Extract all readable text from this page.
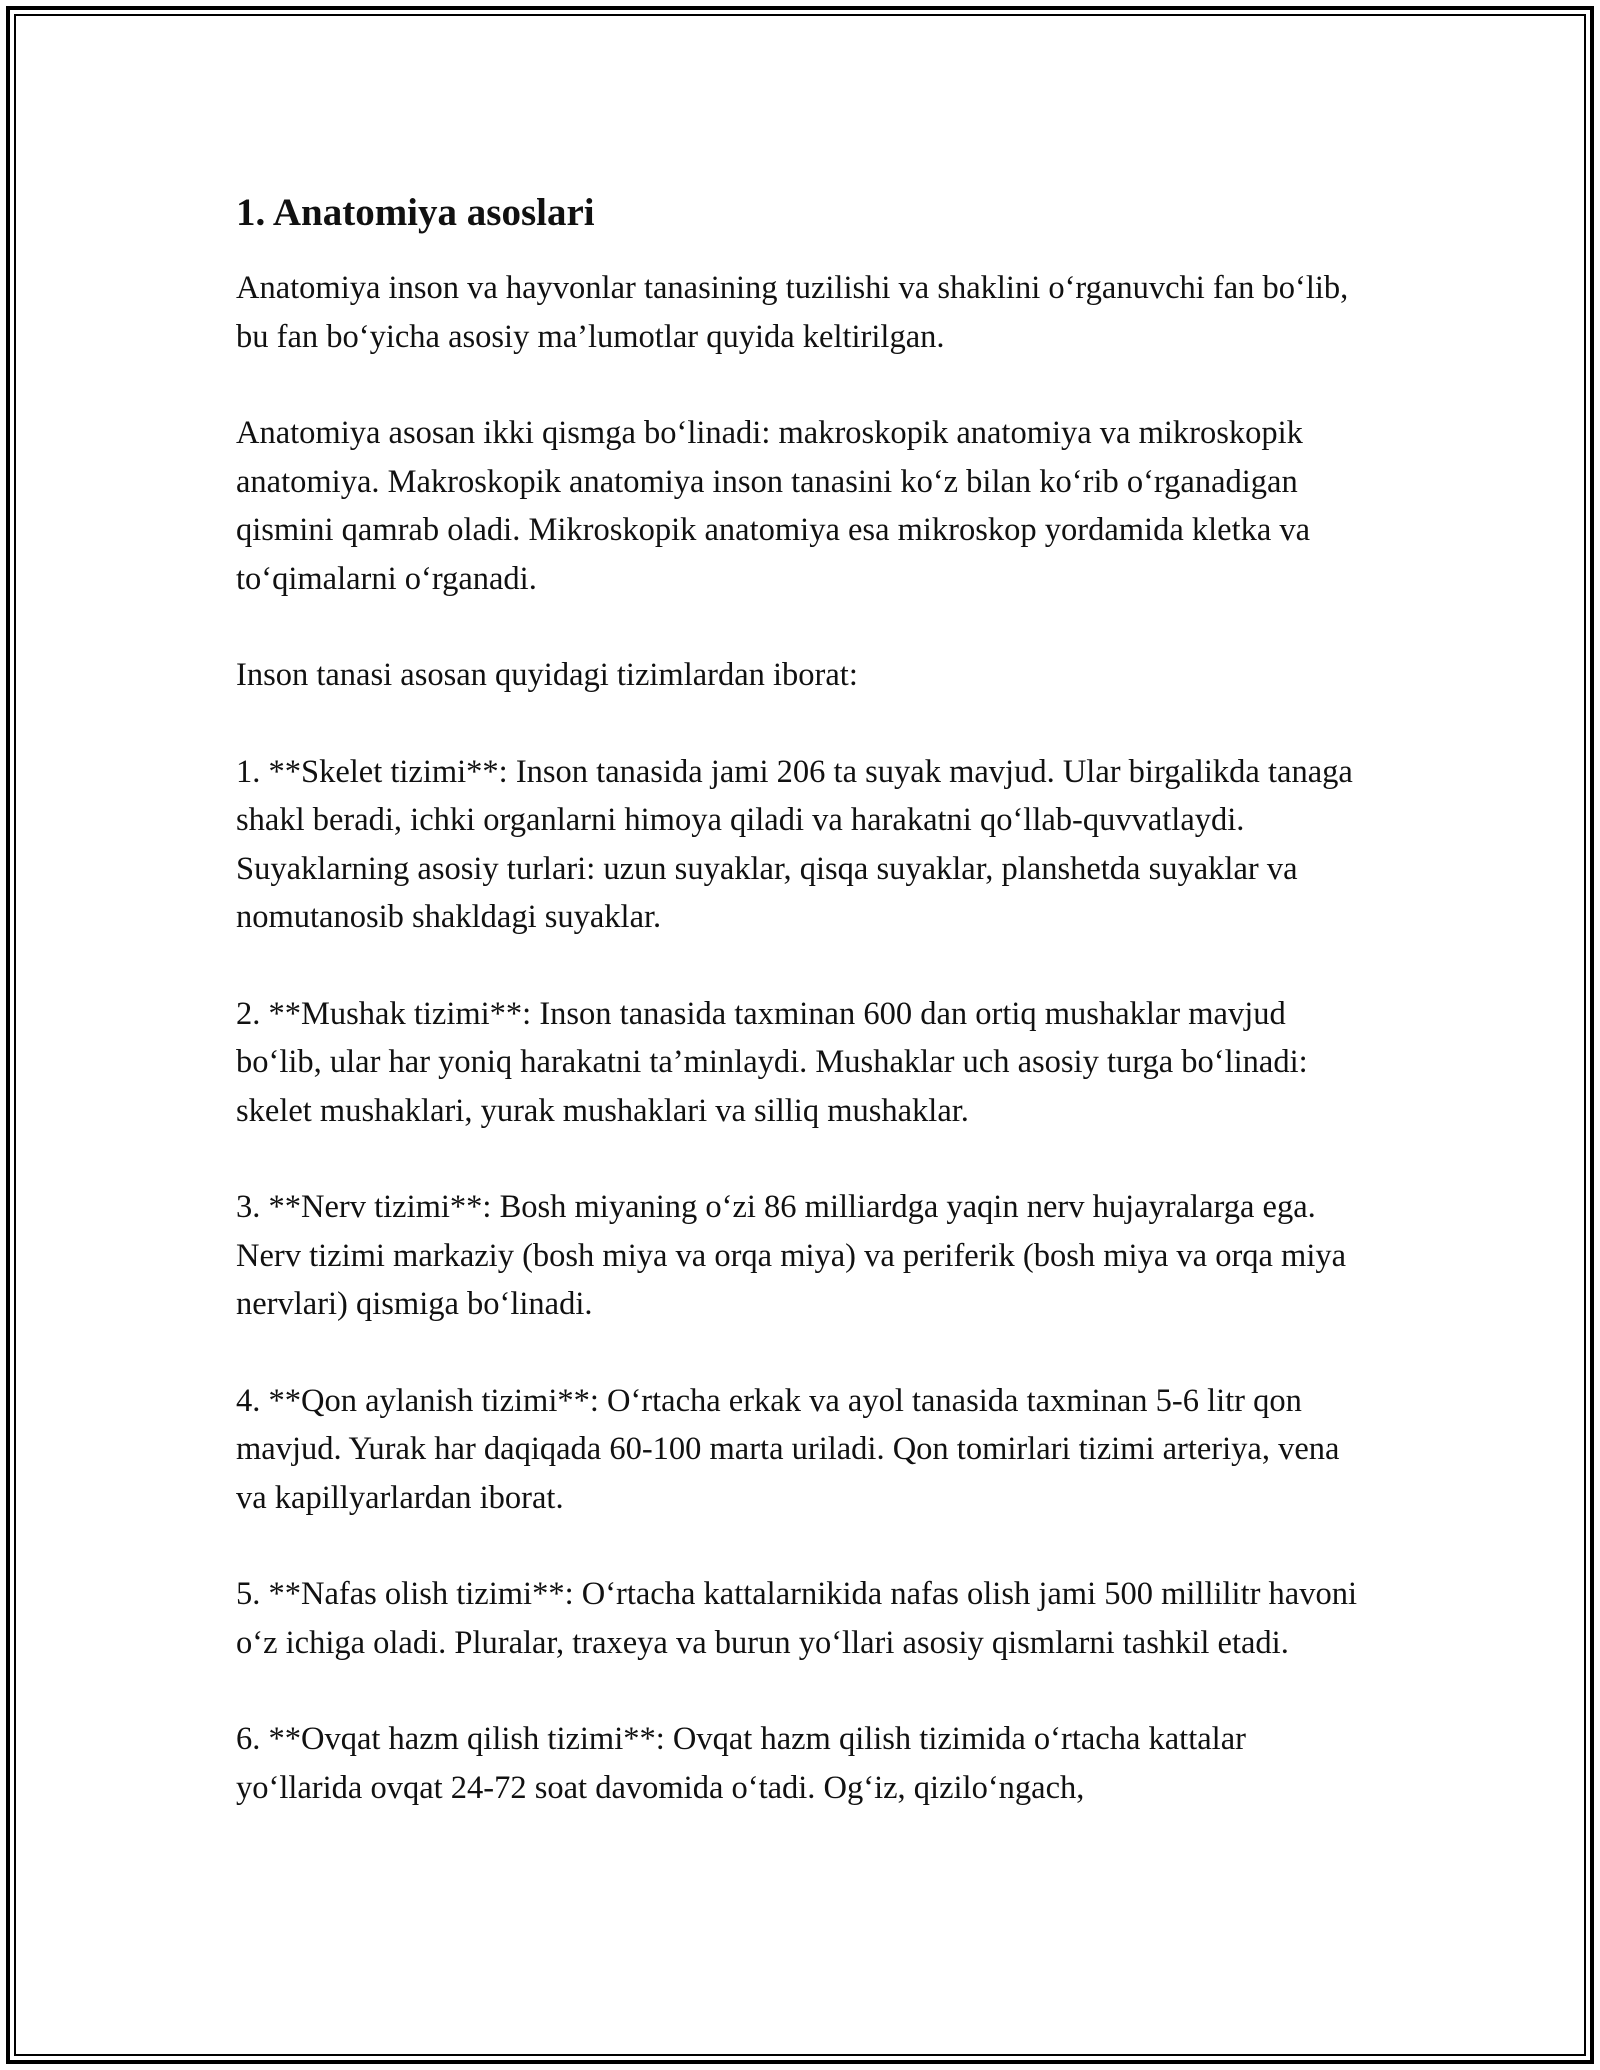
1. Anatomiya asoslari

Anatomiya inson va hayvonlar tanasining tuzilishi va shaklini o‘rganuvchi fan bo‘lib, bu fan bo‘yicha asosiy ma’lumotlar quyida keltirilgan.

Anatomiya asosan ikki qismga bo‘linadi: makroskopik anatomiya va mikroskopik anatomiya. Makroskopik anatomiya inson tanasini ko‘z bilan ko‘rib o‘rganadigan qismini qamrab oladi. Mikroskopik anatomiya esa mikroskop yordamida kletka va to‘qimalarni o‘rganadi.

Inson tanasi asosan quyidagi tizimlardan iborat:

1. **Skelet tizimi**: Inson tanasida jami 206 ta suyak mavjud. Ular birgalikda tanaga shakl beradi, ichki organlarni himoya qiladi va harakatni qo‘llab-quvvatlaydi. Suyaklarning asosiy turlari: uzun suyaklar, qisqa suyaklar, planshetda suyaklar va nomutanosib shakldagi suyaklar.

2. **Mushak tizimi**: Inson tanasida taxminan 600 dan ortiq mushaklar mavjud bo‘lib, ular har yoniq harakatni ta’minlaydi. Mushaklar uch asosiy turga bo‘linadi: skelet mushaklari, yurak mushaklari va silliq mushaklar.

3. **Nerv tizimi**: Bosh miyaning o‘zi 86 milliardga yaqin nerv hujayralarga ega. Nerv tizimi markaziy (bosh miya va orqa miya) va periferik (bosh miya va orqa miya nervlari) qismiga bo‘linadi.

4. **Qon aylanish tizimi**: O‘rtacha erkak va ayol tanasida taxminan 5-6 litr qon mavjud. Yurak har daqiqada 60-100 marta uriladi. Qon tomirlari tizimi arteriya, vena va kapillyarlardan iborat.

5. **Nafas olish tizimi**: O‘rtacha kattalarnikida nafas olish jami 500 millilitr havoni o‘z ichiga oladi. Pluralar, traxeya va burun yo‘llari asosiy qismlarni tashkil etadi.

6. **Ovqat hazm qilish tizimi**: Ovqat hazm qilish tizimida o‘rtacha kattalar yo‘llarida ovqat 24-72 soat davomida o‘tadi. Og‘iz, qizilo‘ngach,
